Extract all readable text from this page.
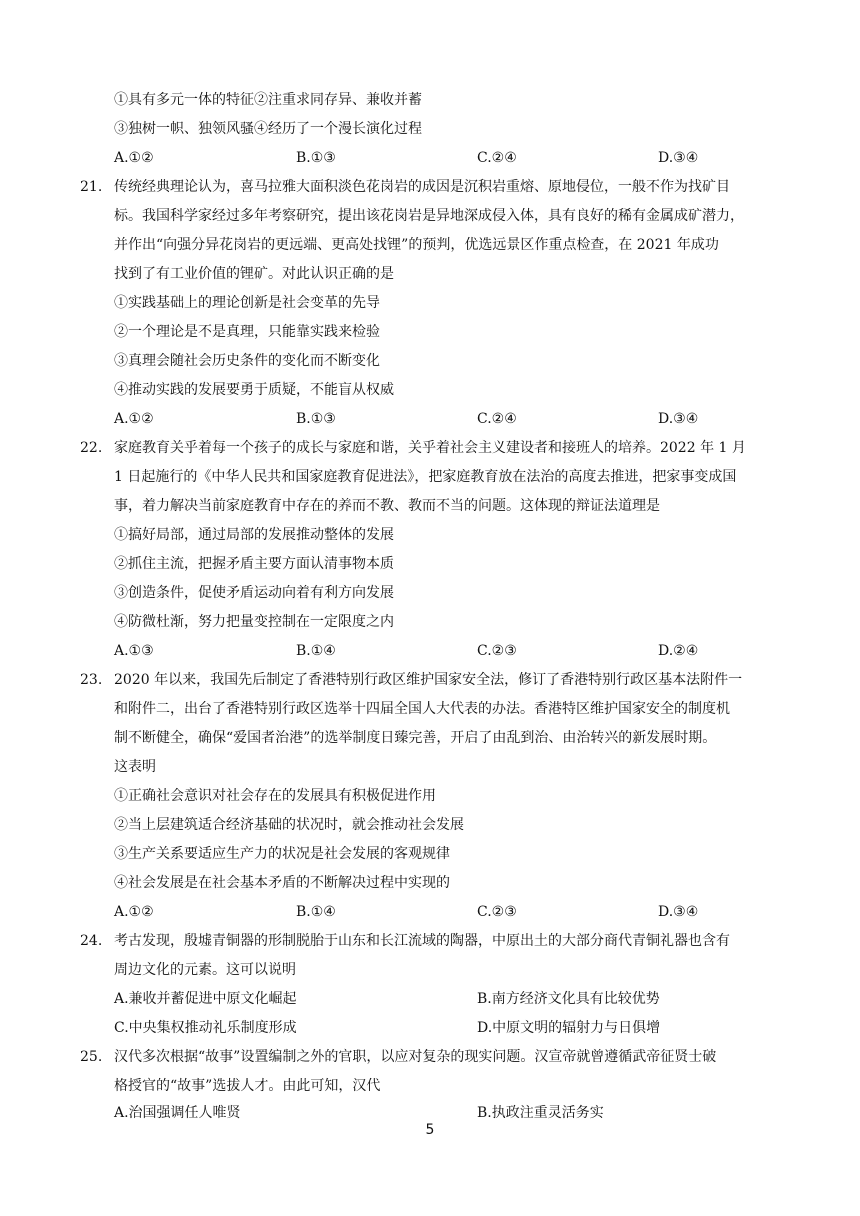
①具有多元一体的特征②注重求同存异、兼收并蓄
③独树一帜、独领风骚④经历了一个漫长演化过程
A.①②	B.①③	C.②④	D.③④
21. 传统经典理论认为，喜马拉雅大面积淡色花岗岩的成因是沉积岩重熔、原地侵位，一般不作为找矿目
标。我国科学家经过多年考察研究，提出该花岗岩是异地深成侵入体，具有良好的稀有金属成矿潜力，
并作出“向强分异花岗岩的更远端、更高处找锂”的预判，优选远景区作重点检查，在 2021 年成功
找到了有工业价值的锂矿。对此认识正确的是
①实践基础上的理论创新是社会变革的先导
②一个理论是不是真理，只能靠实践来检验
③真理会随社会历史条件的变化而不断变化
④推动实践的发展要勇于质疑，不能盲从权威
A.①②	B.①③	C.②④	D.③④
22. 家庭教育关乎着每一个孩子的成长与家庭和谐，关乎着社会主义建设者和接班人的培养。2022 年 1 月
1 日起施行的《中华人民共和国家庭教育促进法》，把家庭教育放在法治的高度去推进，把家事变成国
事，着力解决当前家庭教育中存在的养而不教、教而不当的问题。这体现的辩证法道理是
①搞好局部，通过局部的发展推动整体的发展
②抓住主流，把握矛盾主要方面认清事物本质
③创造条件，促使矛盾运动向着有利方向发展
④防微杜渐，努力把量变控制在一定限度之内
A.①③	B.①④	C.②③	D.②④
23. 2020 年以来，我国先后制定了香港特别行政区维护国家安全法，修订了香港特别行政区基本法附件一
和附件二，出台了香港特别行政区选举十四届全国人大代表的办法。香港特区维护国家安全的制度机
制不断健全，确保“爱国者治港”的选举制度日臻完善，开启了由乱到治、由治转兴的新发展时期。
这表明
①正确社会意识对社会存在的发展具有积极促进作用
②当上层建筑适合经济基础的状况时，就会推动社会发展
③生产关系要适应生产力的状况是社会发展的客观规律
④社会发展是在社会基本矛盾的不断解决过程中实现的
A.①②	B.①④	C.②③	D.③④
24. 考古发现，殷墟青铜器的形制脱胎于山东和长江流域的陶器，中原出土的大部分商代青铜礼器也含有
周边文化的元素。这可以说明
A.兼收并蓄促进中原文化崛起	B.南方经济文化具有比较优势
C.中央集权推动礼乐制度形成	D.中原文明的辐射力与日俱增
25. 汉代多次根据“故事”设置编制之外的官职，以应对复杂的现实问题。汉宣帝就曾遵循武帝征贤士破
格授官的“故事”选拔人才。由此可知，汉代
A.治国强调任人唯贤	B.执政注重灵活务实
5
